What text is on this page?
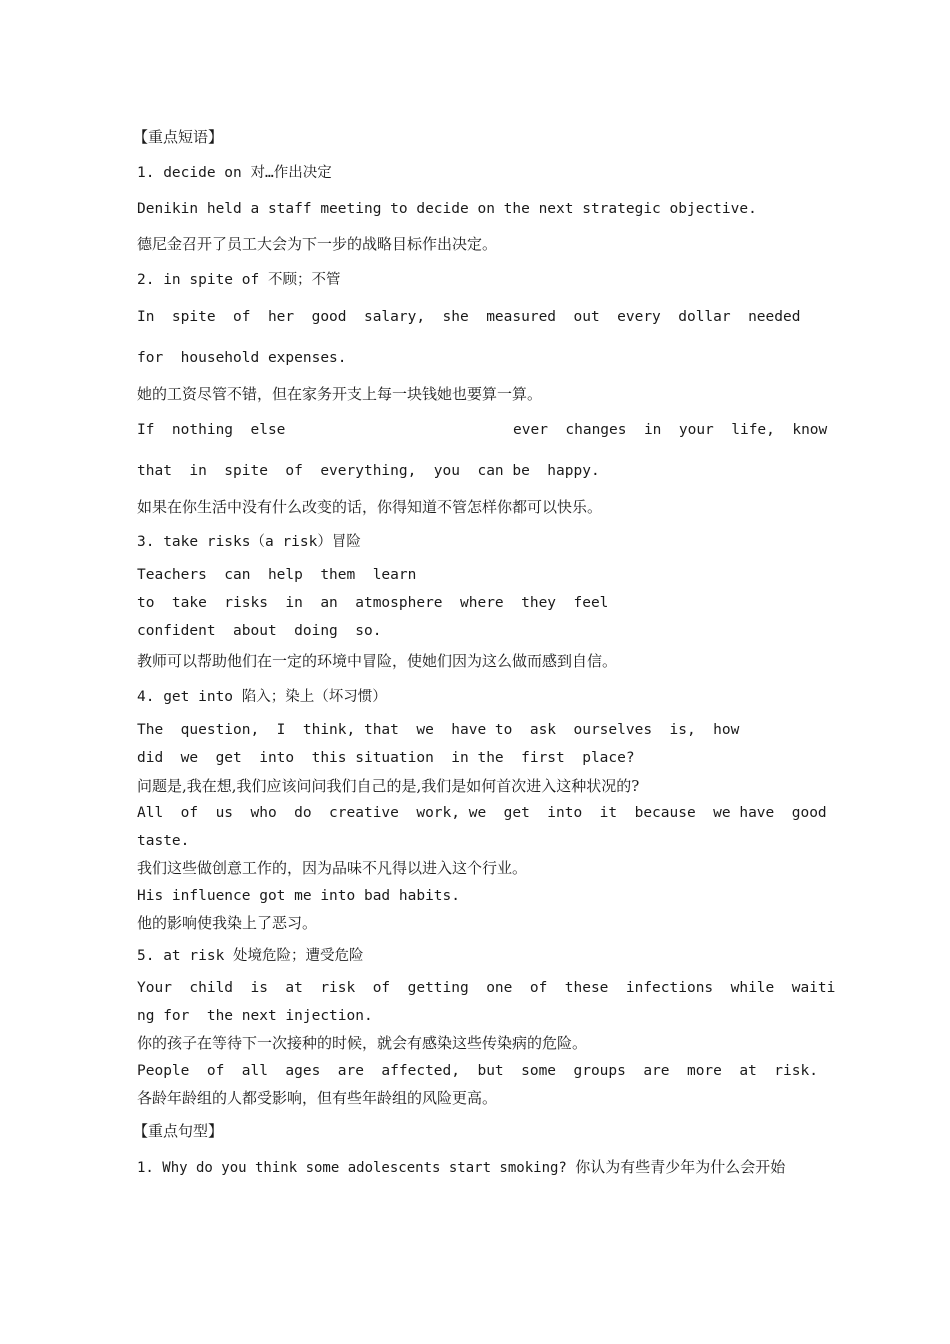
【重点短语】
1. decide on 对…作出决定
Denikin held a staff meeting to decide on the next strategic objective.
德尼金召开了员工大会为下一步的战略目标作出决定。
2. in spite of 不顾；不管
In  spite  of  her  good  salary,  she  measured  out  every  dollar  needed
for  household expenses.
她的工资尽管不错，但在家务开支上每一块钱她也要算一算。
If  nothing  else	ever  changes  in  your  life,  know
that  in  spite  of  everything,  you  can be  happy.
如果在你生活中没有什么改变的话，你得知道不管怎样你都可以快乐。
3. take risks（a risk）冒险
Teachers  can  help  them  learn
to  take  risks  in  an  atmosphere  where  they  feel
confident  about  doing  so.
教师可以帮助他们在一定的环境中冒险，使她们因为这么做而感到自信。
4. get into 陷入；染上（坏习惯）
The  question,  I  think, that  we  have to  ask  ourselves  is,  how
did  we  get  into  this situation  in the  first  place?
问题是,我在想,我们应该问问我们自己的是,我们是如何首次进入这种状况的?
All  of  us  who  do  creative  work, we  get  into  it  because  we have  good
taste.
我们这些做创意工作的，因为品味不凡得以进入这个行业。
His influence got me into bad habits.
他的影响使我染上了恶习。
5. at risk 处境危险；遭受危险
Your  child  is  at  risk  of  getting  one  of  these  infections  while  waiti
ng for  the next injection.
你的孩子在等待下一次接种的时候，就会有感染这些传染病的危险。
People  of  all  ages  are  affected,  but  some  groups  are  more  at  risk.
各龄年龄组的人都受影响，但有些年龄组的风险更高。
【重点句型】
1. Why do you think some adolescents start smoking? 你认为有些青少年为什么会开始
